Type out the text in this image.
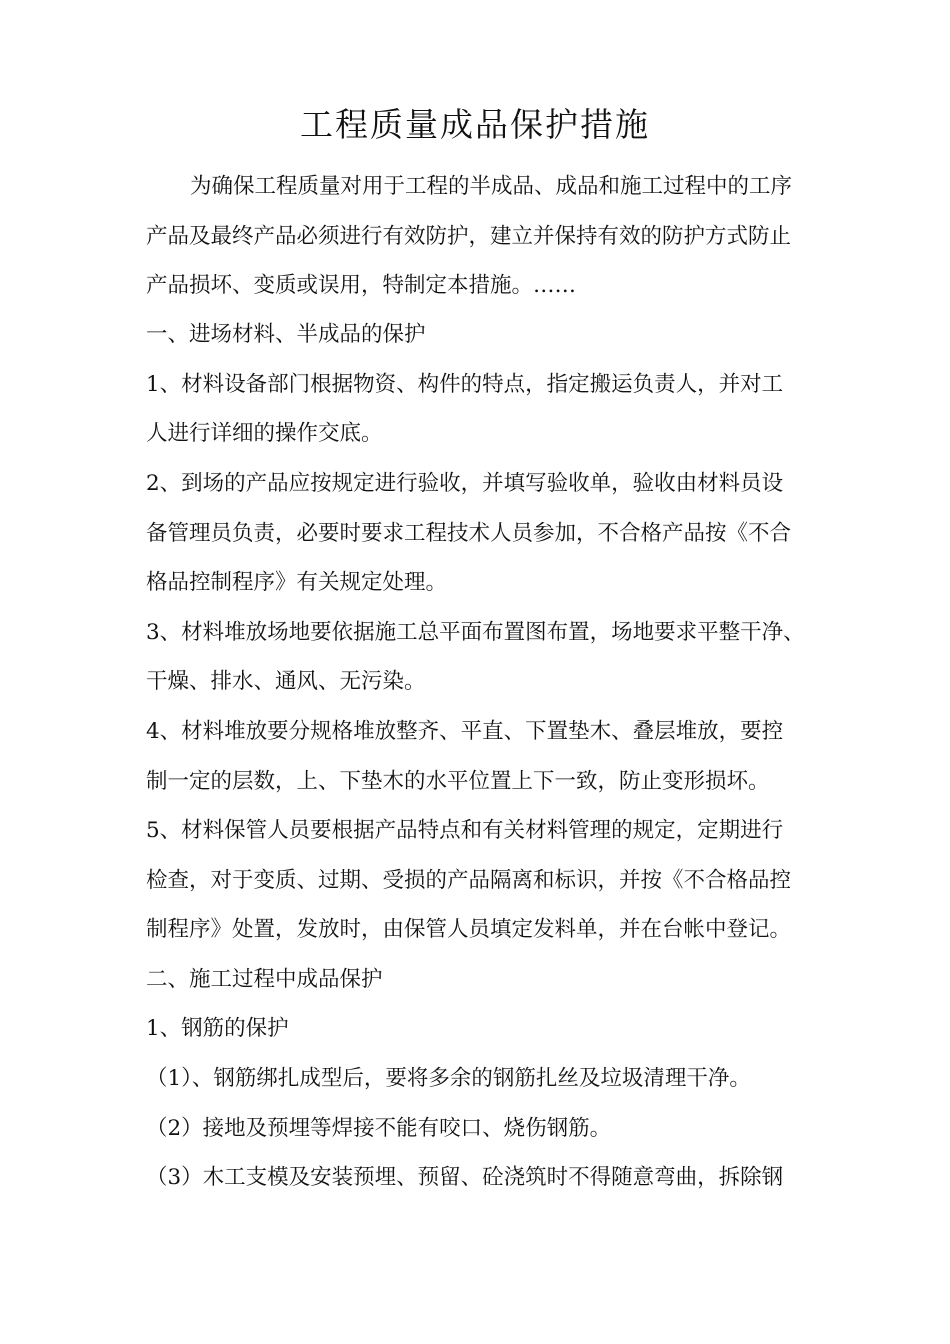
工程质量成品保护措施
为确保工程质量对用于工程的半成品、成品和施工过程中的工序
产品及最终产品必须进行有效防护，建立并保持有效的防护方式防止
产品损坏、变质或误用，特制定本措施。……
一、进场材料、半成品的保护
1、材料设备部门根据物资、构件的特点，指定搬运负责人，并对工
人进行详细的操作交底。
2、到场的产品应按规定进行验收，并填写验收单，验收由材料员设
备管理员负责，必要时要求工程技术人员参加，不合格产品按《不合
格品控制程序》有关规定处理。
3、材料堆放场地要依据施工总平面布置图布置，场地要求平整干净、
干燥、排水、通风、无污染。
4、材料堆放要分规格堆放整齐、平直、下置垫木、叠层堆放，要控
制一定的层数，上、下垫木的水平位置上下一致，防止变形损坏。
5、材料保管人员要根据产品特点和有关材料管理的规定，定期进行
检查，对于变质、过期、受损的产品隔离和标识，并按《不合格品控
制程序》处置，发放时，由保管人员填定发料单，并在台帐中登记。
二、施工过程中成品保护
1、钢筋的保护
（1）、钢筋绑扎成型后，要将多余的钢筋扎丝及垃圾清理干净。
（2）接地及预埋等焊接不能有咬口、烧伤钢筋。
（3）木工支模及安装预埋、预留、砼浇筑时不得随意弯曲，拆除钢
